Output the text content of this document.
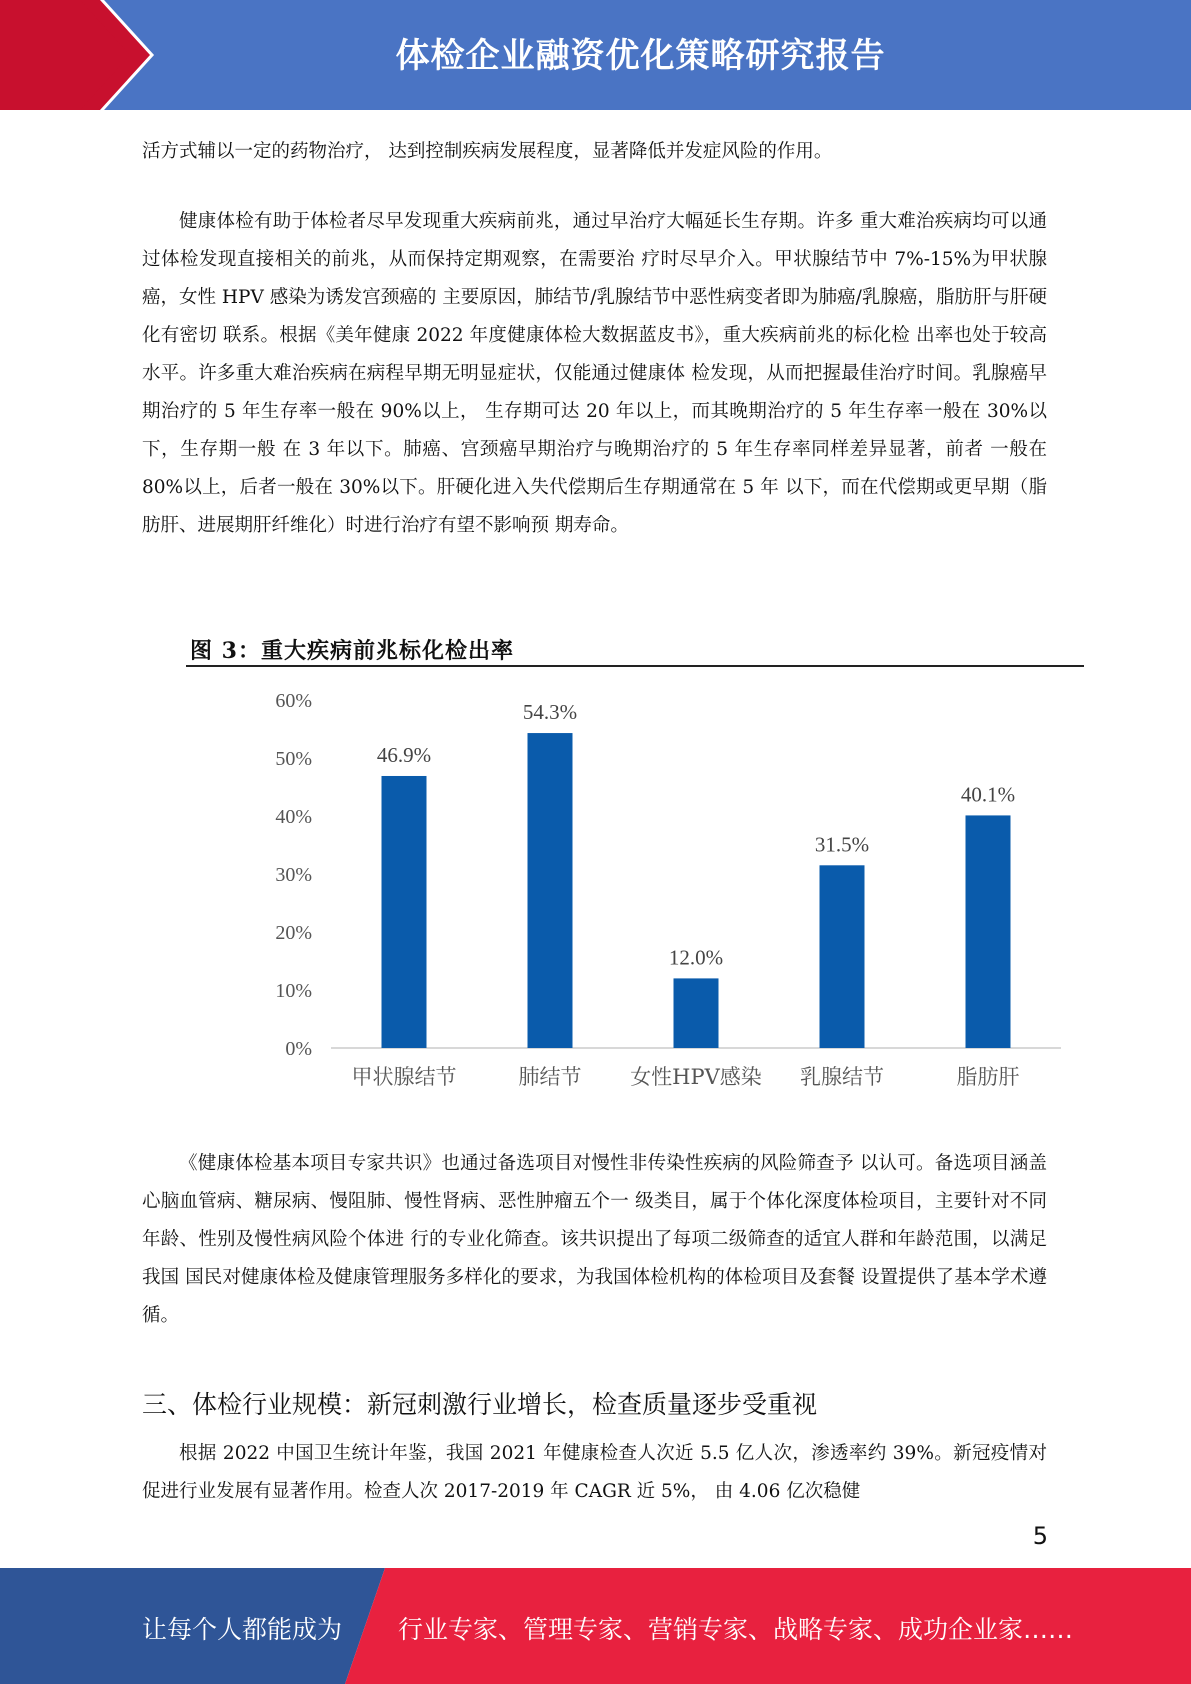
体检企业融资优化策略研究报告

活方式辅以一定的药物治疗， 达到控制疾病发展程度，显著降低并发症风险的作用。

健康体检有助于体检者尽早发现重大疾病前兆，通过早治疗大幅延长生存期。许多 重大难治疾病均可以通过体检发现直接相关的前兆，从而保持定期观察，在需要治 疗时尽早介入。甲状腺结节中 7%-15%为甲状腺癌，女性 HPV 感染为诱发宫颈癌的 主要原因，肺结节/乳腺结节中恶性病变者即为肺癌/乳腺癌，脂肪肝与肝硬化有密切 联系。根据《美年健康 2022 年度健康体检大数据蓝皮书》，重大疾病前兆的标化检 出率也处于较高水平。许多重大难治疾病在病程早期无明显症状，仅能通过健康体 检发现，从而把握最佳治疗时间。乳腺癌早期治疗的 5 年生存率一般在 90%以上， 生存期可达 20 年以上，而其晚期治疗的 5 年生存率一般在 30%以下，生存期一般 在 3 年以下。肺癌、宫颈癌早期治疗与晚期治疗的 5 年生存率同样差异显著，前者 一般在 80%以上，后者一般在 30%以下。肝硬化进入失代偿期后生存期通常在 5 年 以下，而在代偿期或更早期（脂肪肝、进展期肝纤维化）时进行治疗有望不影响预 期寿命。

图 3：重大疾病前兆标化检出率
0%
10%
20%
30%
40%
50%
60%
46.9%
54.3%
12.0%
31.5%
40.1%
甲状腺结节	肺结节 女性HPV感染 乳腺结节	脂肪肝

《健康体检基本项目专家共识》也通过备选项目对慢性非传染性疾病的风险筛查予 以认可。备选项目涵盖心脑血管病、糖尿病、慢阻肺、慢性肾病、恶性肿瘤五个一 级类目，属于个体化深度体检项目，主要针对不同年龄、性别及慢性病风险个体进 行的专业化筛查。该共识提出了每项二级筛查的适宜人群和年龄范围，以满足我国 国民对健康体检及健康管理服务多样化的要求，为我国体检机构的体检项目及套餐 设置提供了基本学术遵循。

三、体检行业规模：新冠刺激行业增长，检查质量逐步受重视

根据 2022 中国卫生统计年鉴，我国 2021 年健康检查人次近 5.5 亿人次，渗透率约 39%。新冠疫情对促进行业发展有显著作用。检查人次 2017-2019 年 CAGR 近 5%， 由 4.06 亿次稳健

5
让每个人都能成为 行业专家、管理专家、营销专家、战略专家、成功企业家……
